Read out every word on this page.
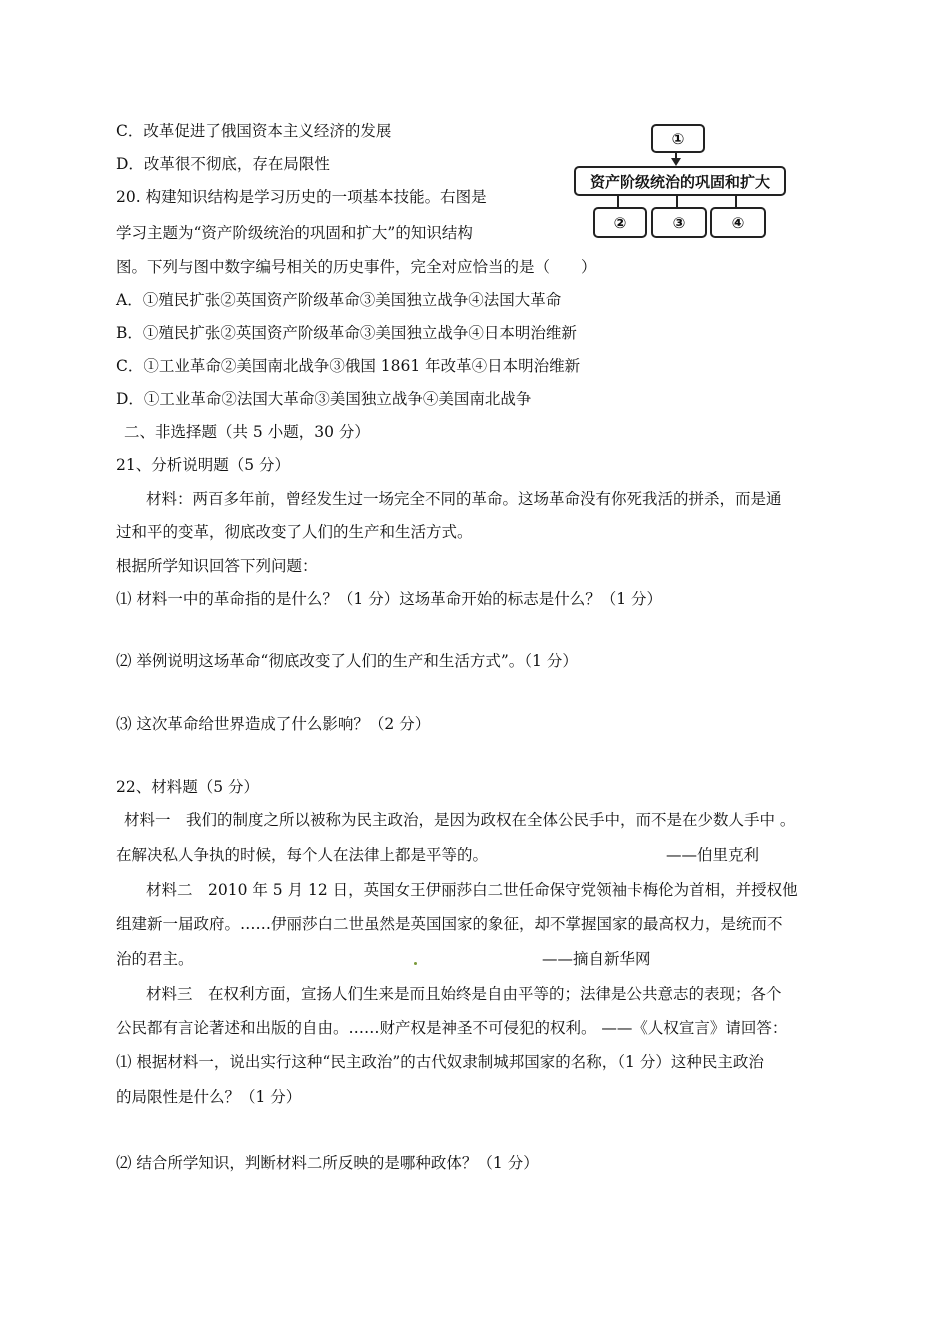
①
资产阶级统治的巩固和扩大
②	③	④
C．改革促进了俄国资本主义经济的发展
D．改革很不彻底，存在局限性
20. 构建知识结构是学习历史的一项基本技能。右图是
学习主题为“资产阶级统治的巩固和扩大”的知识结构
图。下列与图中数字编号相关的历史事件，完全对应恰当的是（　　）
A．①殖民扩张②英国资产阶级革命③美国独立战争④法国大革命
B．①殖民扩张②英国资产阶级革命③美国独立战争④日本明治维新
C．①工业革命②美国南北战争③俄国 1861 年改革④日本明治维新
D．①工业革命②法国大革命③美国独立战争④美国南北战争
二、非选择题（共 5 小题，30 分）
21、分析说明题（5 分）
材料：两百多年前，曾经发生过一场完全不同的革命。这场革命没有你死我活的拼杀，而是通
过和平的变革，彻底改变了人们的生产和生活方式。
根据所学知识回答下列问题：
⑴ 材料一中的革命指的是什么？（1 分）这场革命开始的标志是什么？（1 分）
⑵ 举例说明这场革命“彻底改变了人们的生产和生活方式”。（1 分）
⑶ 这次革命给世界造成了什么影响？（2 分）
22、材料题（5 分）
材料一　我们的制度之所以被称为民主政治，是因为政权在全体公民手中，而不是在少数人手中 。
在解决私人争执的时候，每个人在法律上都是平等的。	——伯里克利
材料二　2010 年 5 月 12 日，英国女王伊丽莎白二世任命保守党领袖卡梅伦为首相，并授权他
组建新一届政府。……伊丽莎白二世虽然是英国国家的象征，却不掌握国家的最高权力，是统而不
治的君主。	——摘自新华网
材料三　在权利方面，宣扬人们生来是而且始终是自由平等的；法律是公共意志的表现；各个
公民都有言论著述和出版的自由。……财产权是神圣不可侵犯的权利。 ——《人权宣言》请回答：
⑴ 根据材料一，说出实行这种“民主政治”的古代奴隶制城邦国家的名称，（1 分）这种民主政治
的局限性是什么？（1 分）
⑵ 结合所学知识，判断材料二所反映的是哪种政体？（1 分）
